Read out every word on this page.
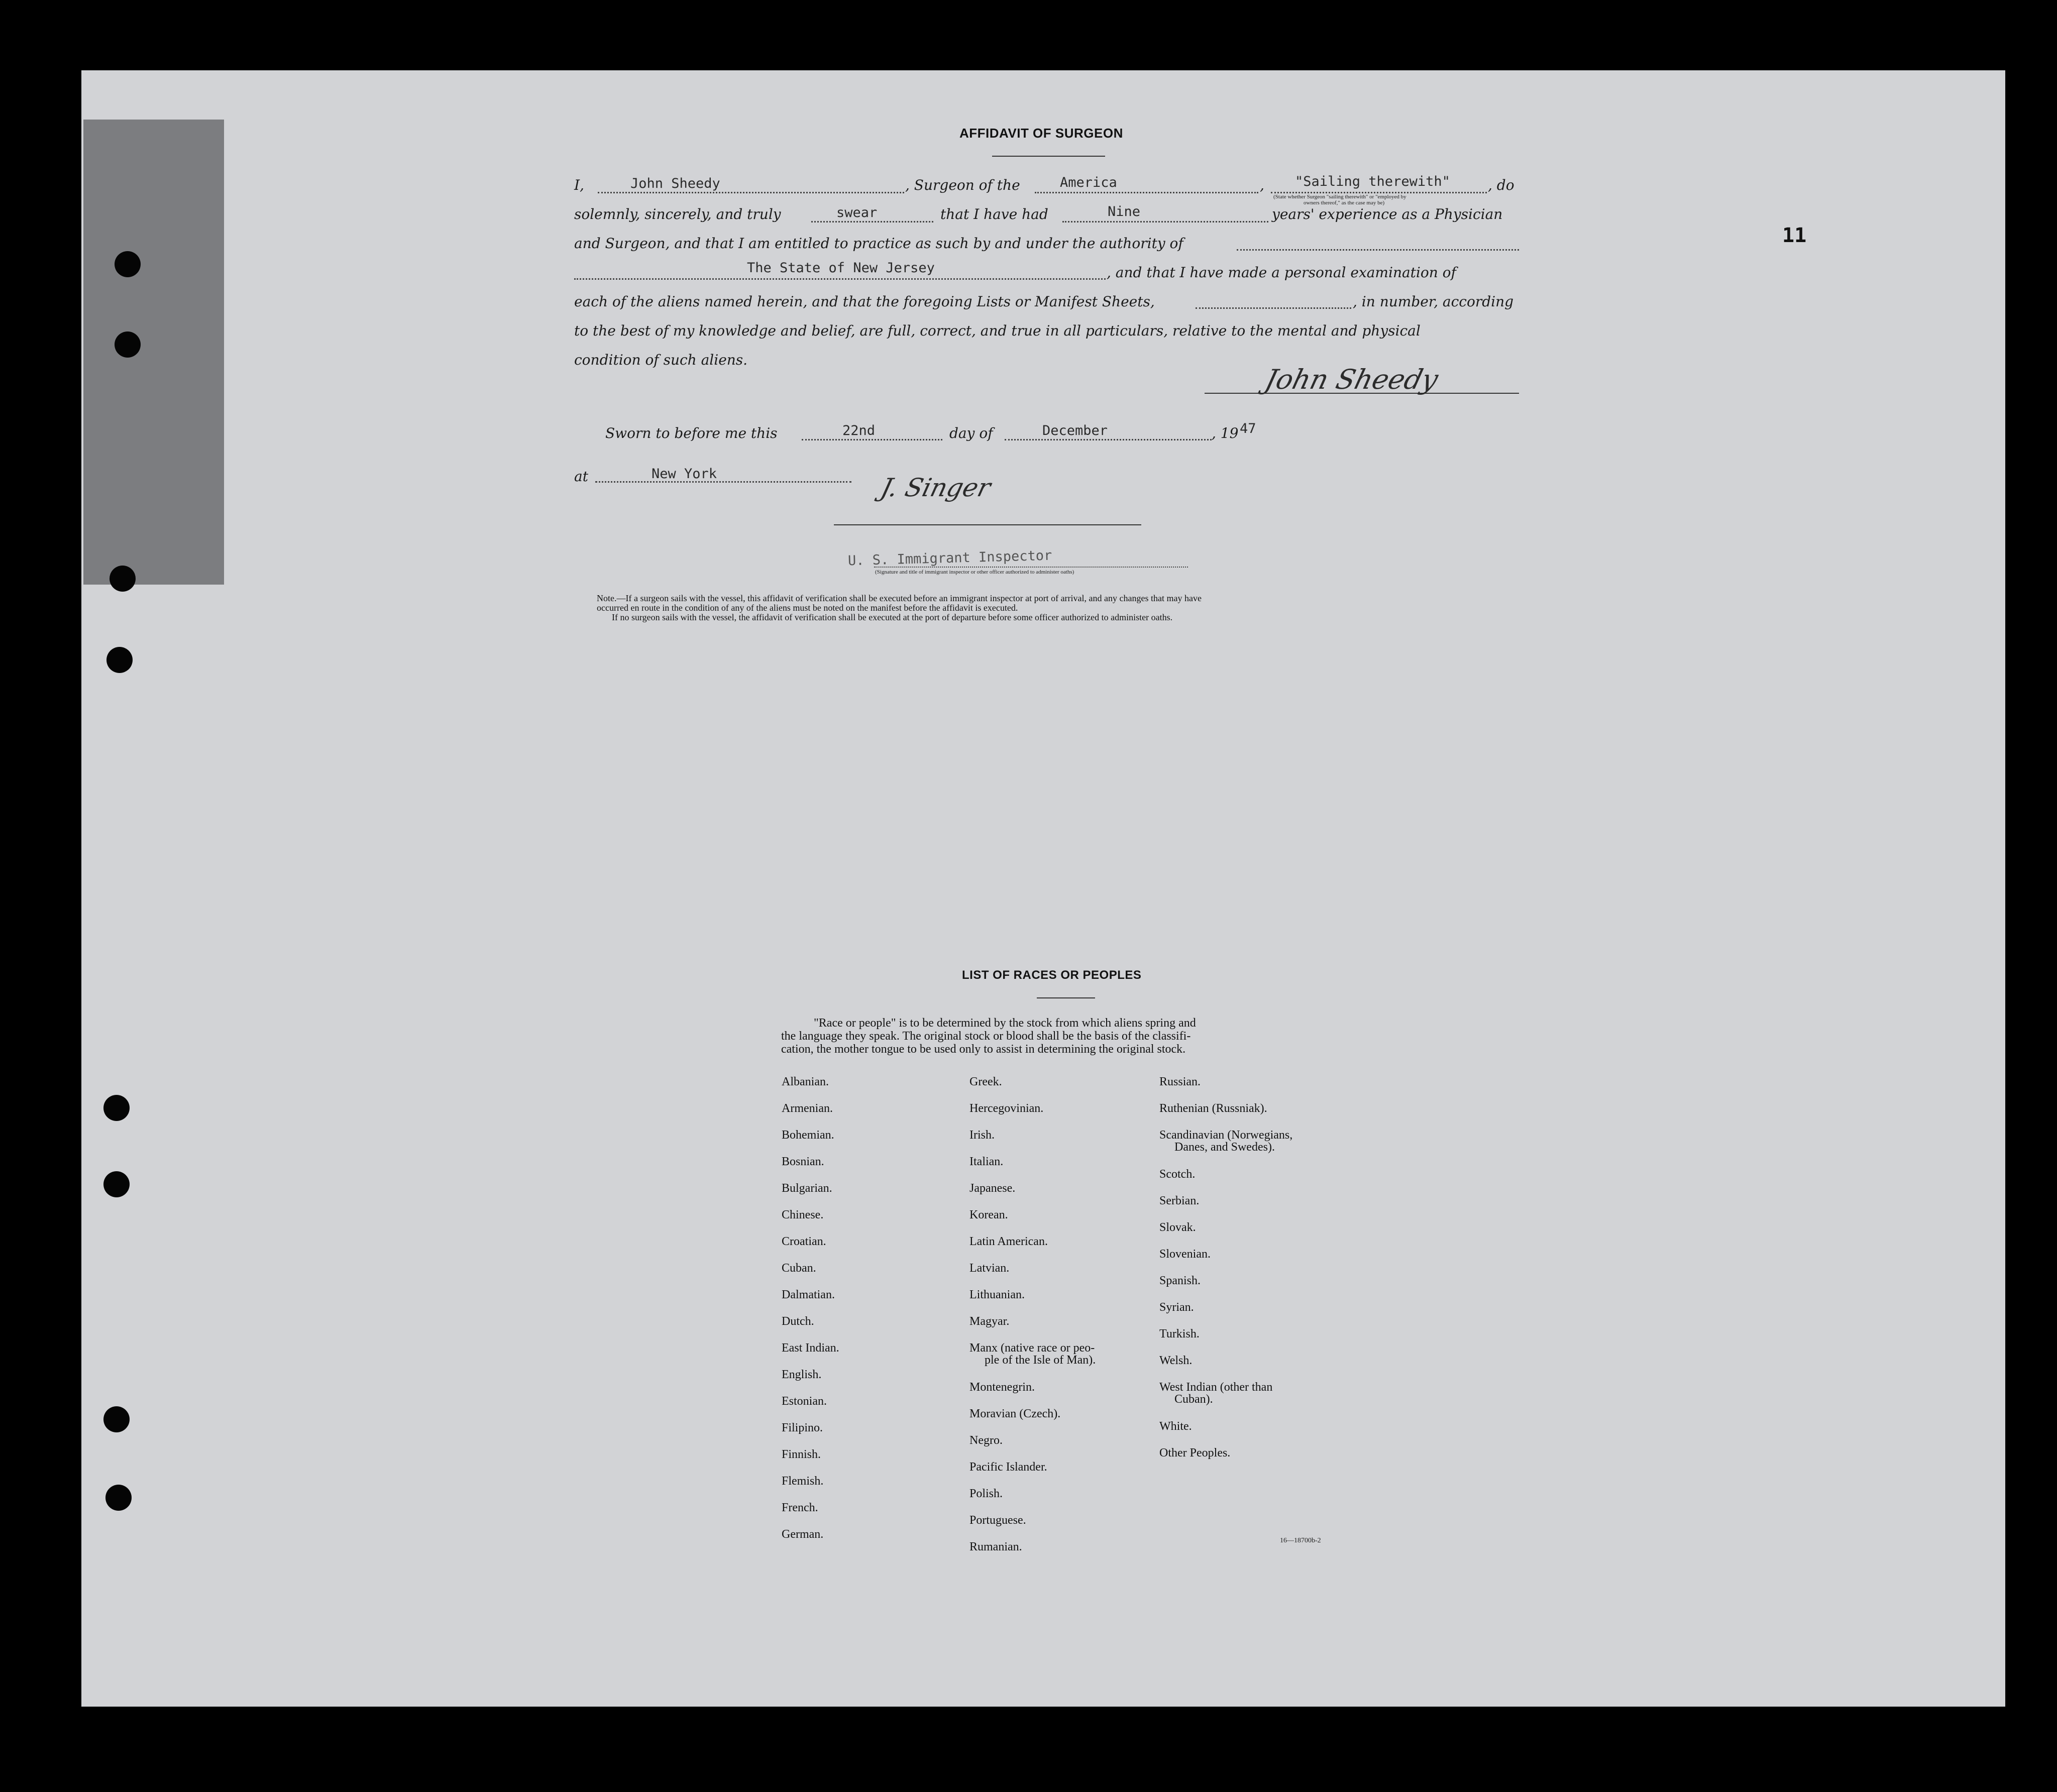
11
AFFIDAVIT OF SURGEON
I,	John Sheedy	, Surgeon of the	America	, "Sailing therewith"	, do
(State whether Surgeon "sailing therewith" or "employed by
owners thereof," as the case may be)
solemnly, sincerely, and truly	swear	that I have had	Nine	years' experience as a Physician
and Surgeon, and that I am entitled to practice as such by and under the authority of
The State of New Jersey	, and that I have made a personal examination of
each of the aliens named herein, and that the foregoing Lists or Manifest Sheets,	, in number, according
to the best of my knowledge and belief, are full, correct, and true in all particulars, relative to the mental and physical
condition of such aliens.
John Sheedy
Sworn to before me this	22nd	day of	December	, 19 47
at	New York	J. Singer
U. S. Immigrant Inspector
(Signature and title of immigrant inspector or other officer authorized to administer oaths)
Note.—If a surgeon sails with the vessel, this affidavit of verification shall be executed before an immigrant inspector at port of arrival, and any changes that may have
occurred en route in the condition of any of the aliens must be noted on the manifest before the affidavit is executed.
If no surgeon sails with the vessel, the affidavit of verification shall be executed at the port of departure before some officer authorized to administer oaths.
LIST OF RACES OR PEOPLES
"Race or people" is to be determined by the stock from which aliens spring and
the language they speak. The original stock or blood shall be the basis of the classifi-
cation, the mother tongue to be used only to assist in determining the original stock.
Albanian.
Armenian.
Bohemian.
Bosnian.
Bulgarian.
Chinese.
Croatian.
Cuban.
Dalmatian.
Dutch.
East Indian.
English.
Estonian.
Filipino.
Finnish.
Flemish.
French.
German.
Greek.
Hercegovinian.
Irish.
Italian.
Japanese.
Korean.
Latin American.
Latvian.
Lithuanian.
Magyar.
Manx (native race or peo-
ple of the Isle of Man).
Montenegrin.
Moravian (Czech).
Negro.
Pacific Islander.
Polish.
Portuguese.
Rumanian.
Russian.
Ruthenian (Russniak).
Scandinavian (Norwegians,
Danes, and Swedes).
Scotch.
Serbian.
Slovak.
Slovenian.
Spanish.
Syrian.
Turkish.
Welsh.
West Indian (other than
Cuban).
White.
Other Peoples.
16—18700b-2
